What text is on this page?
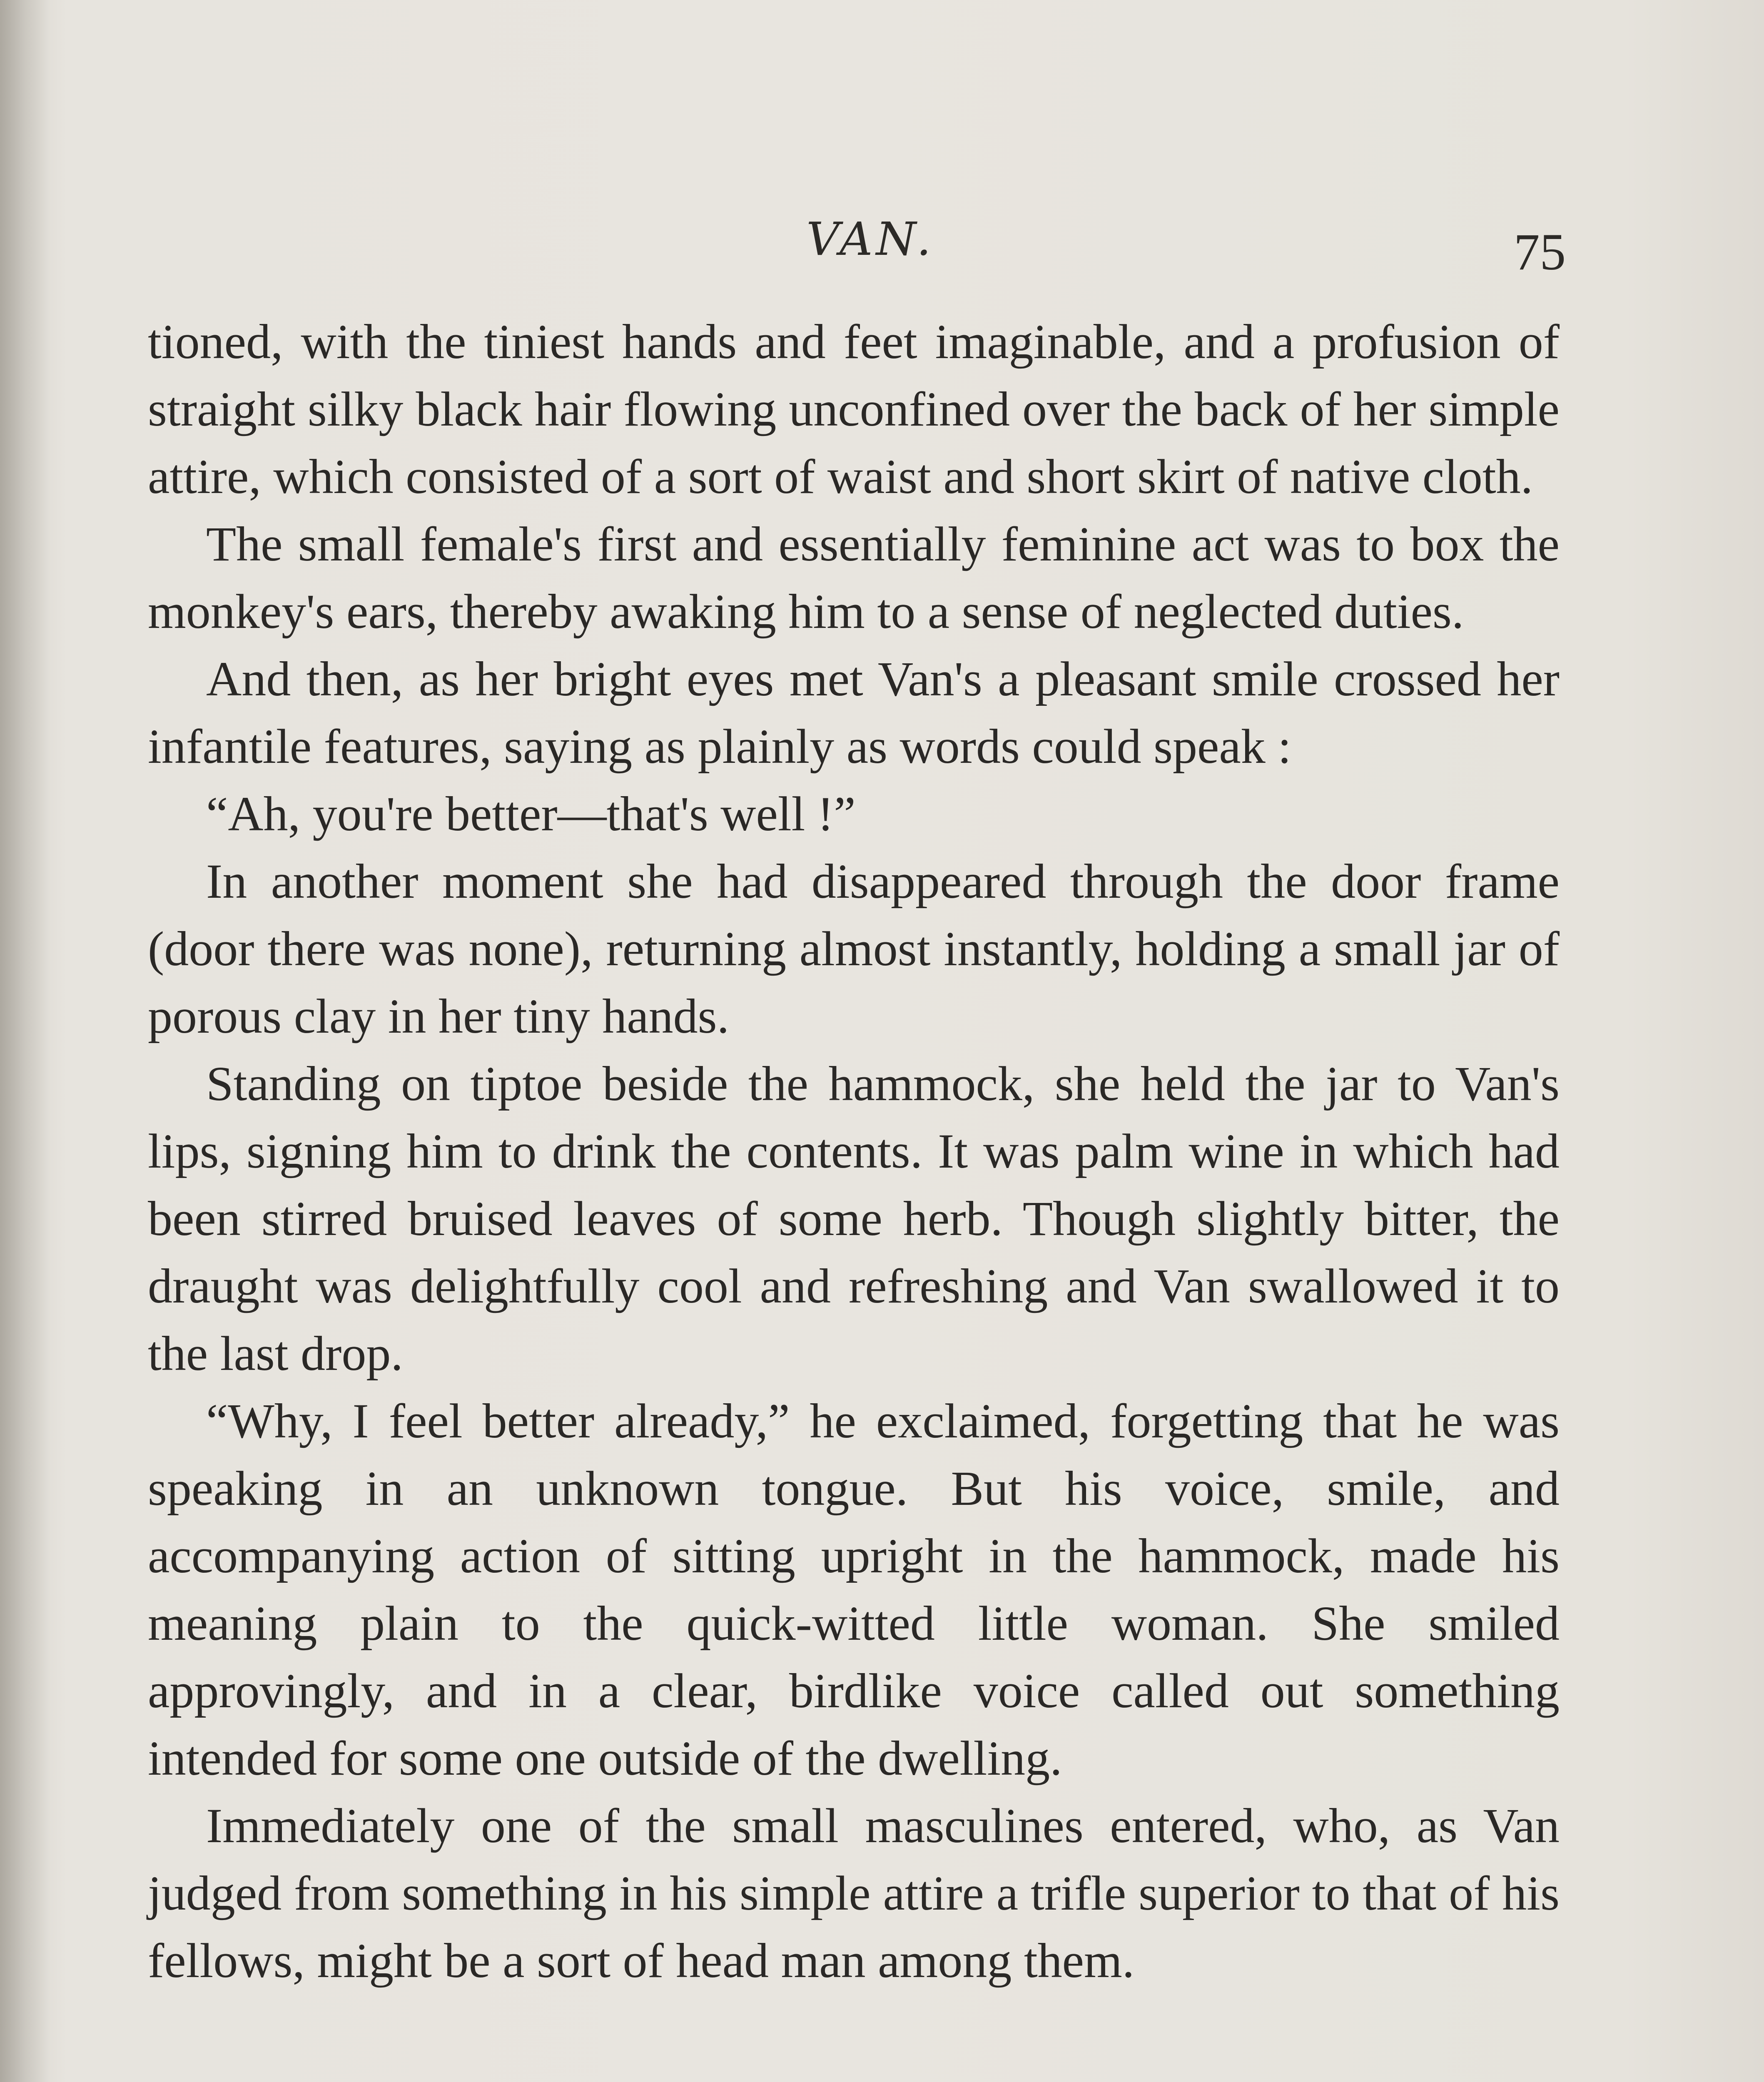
VAN.	75

tioned, with the tiniest hands and feet imaginable, and a profusion of straight silky black hair flowing unconfined over the back of her simple attire, which consisted of a sort of waist and short skirt of native cloth.

The small female's first and essentially feminine act was to box the monkey's ears, thereby awaking him to a sense of neglected duties.

And then, as her bright eyes met Van's a pleasant smile crossed her infantile features, saying as plainly as words could speak :

“Ah, you're better—that's well !”

In another moment she had disappeared through the door frame (door there was none), returning almost instantly, holding a small jar of porous clay in her tiny hands.

Standing on tiptoe beside the hammock, she held the jar to Van's lips, signing him to drink the contents. It was palm wine in which had been stirred bruised leaves of some herb. Though slightly bitter, the draught was delightfully cool and refreshing and Van swallowed it to the last drop.

“Why, I feel better already,” he exclaimed, forgetting that he was speaking in an unknown tongue. But his voice, smile, and accompanying action of sitting upright in the hammock, made his meaning plain to the quick-witted little woman. She smiled approvingly, and in a clear, birdlike voice called out something intended for some one outside of the dwelling.

Immediately one of the small masculines entered, who, as Van judged from something in his simple attire a trifle superior to that of his fellows, might be a sort of head man among them.
